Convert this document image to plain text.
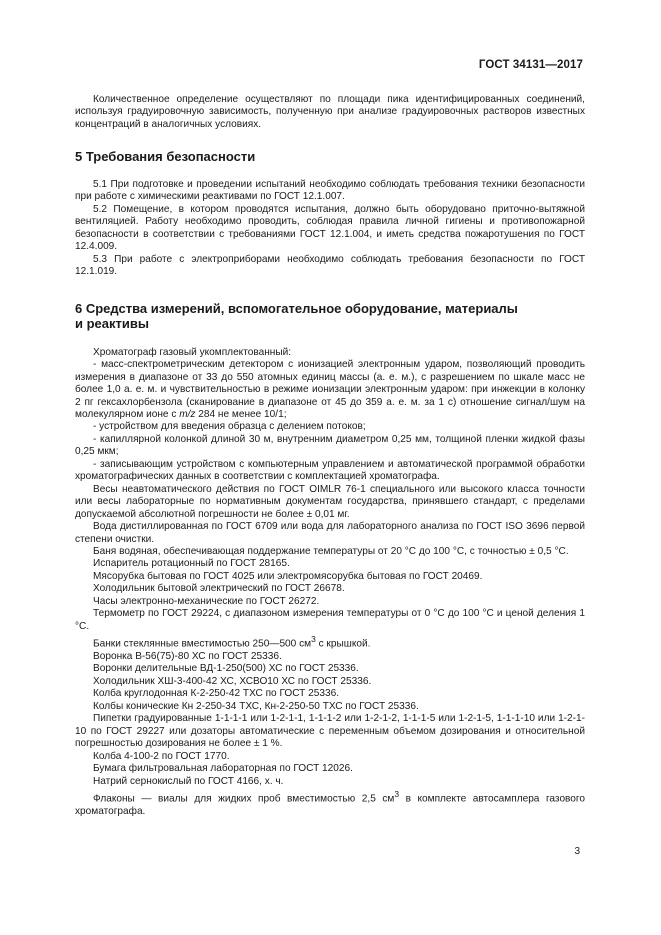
ГОСТ 34131—2017

Количественное определение осуществляют по площади пика идентифицированных соединений, используя градуировочную зависимость, полученную при анализе градуировочных растворов известных концентраций в аналогичных условиях.

5 Требования безопасности

5.1 При подготовке и проведении испытаний необходимо соблюдать требования техники безопасности при работе с химическими реактивами по ГОСТ 12.1.007.

5.2 Помещение, в котором проводятся испытания, должно быть оборудовано приточно-вытяжной вентиляцией. Работу необходимо проводить, соблюдая правила личной гигиены и противопожарной безопасности в соответствии с требованиями ГОСТ 12.1.004, и иметь средства пожаротушения по ГОСТ 12.4.009.

5.3 При работе с электроприборами необходимо соблюдать требования безопасности по ГОСТ 12.1.019.

6 Средства измерений, вспомогательное оборудование, материалы
и реактивы

Хроматограф газовый укомплектованный:

- масс-спектрометрическим детектором с ионизацией электронным ударом, позволяющий проводить измерения в диапазоне от 33 до 550 атомных единиц массы (а. е. м.), с разрешением по шкале масс не более 1,0 а. е. м. и чувствительностью в режиме ионизации электронным ударом: при инжекции в колонку 2 пг гексахлорбензола (сканирование в диапазоне от 45 до 359 а. е. м. за 1 с) отношение сигнал/шум на молекулярном ионе с m/z 284 не менее 10/1;

- устройством для введения образца с делением потоков;

- капиллярной колонкой длиной 30 м, внутренним диаметром 0,25 мм, толщиной пленки жидкой фазы 0,25 мкм;

- записывающим устройством с компьютерным управлением и автоматической программой обработки хроматографических данных в соответствии с комплектацией хроматографа.

Весы неавтоматического действия по ГОСТ OIMLR 76-1 специального или высокого класса точности или весы лабораторные по нормативным документам государства, принявшего стандарт, с пределами допускаемой абсолютной погрешности не более ± 0,01 мг.

Вода дистиллированная по ГОСТ 6709 или вода для лабораторного анализа по ГОСТ ISO 3696 первой степени очистки.

Баня водяная, обеспечивающая поддержание температуры от 20 °С до 100 °С, с точностью ± 0,5 °С.

Испаритель ротационный по ГОСТ 28165.

Мясорубка бытовая по ГОСТ 4025 или электромясорубка бытовая по ГОСТ 20469.

Холодильник бытовой электрический по ГОСТ 26678.

Часы электронно-механические по ГОСТ 26272.

Термометр по ГОСТ 29224, с диапазоном измерения температуры от 0 °С до 100 °С и ценой деления 1 °С.

Банки стеклянные вместимостью 250—500 $см^3$ с крышкой.

Воронка В-56(75)-80 ХС по ГОСТ 25336.

Воронки делительные ВД-1-250(500) ХС по ГОСТ 25336.

Холодильник ХШ-3-400-42 ХС, ХСВО10 ХС по ГОСТ 25336.

Колба круглодонная К-2-250-42 ТХС по ГОСТ 25336.

Колбы конические Кн 2-250-34 ТХС, Кн-2-250-50 ТХС по ГОСТ 25336.

Пипетки градуированные 1-1-1-1 или 1-2-1-1, 1-1-1-2 или 1-2-1-2, 1-1-1-5 или 1-2-1-5, 1-1-1-10 или 1-2-1-10 по ГОСТ 29227 или дозаторы автоматические с переменным объемом дозирования и относительной погрешностью дозирования не более ± 1 %.

Колба 4-100-2 по ГОСТ 1770.

Бумага фильтровальная лабораторная по ГОСТ 12026.

Натрий сернокислый по ГОСТ 4166, х. ч.

Флаконы — виалы для жидких проб вместимостью 2,5 $см^3$ в комплекте автосамплера газового хроматографа.

3
